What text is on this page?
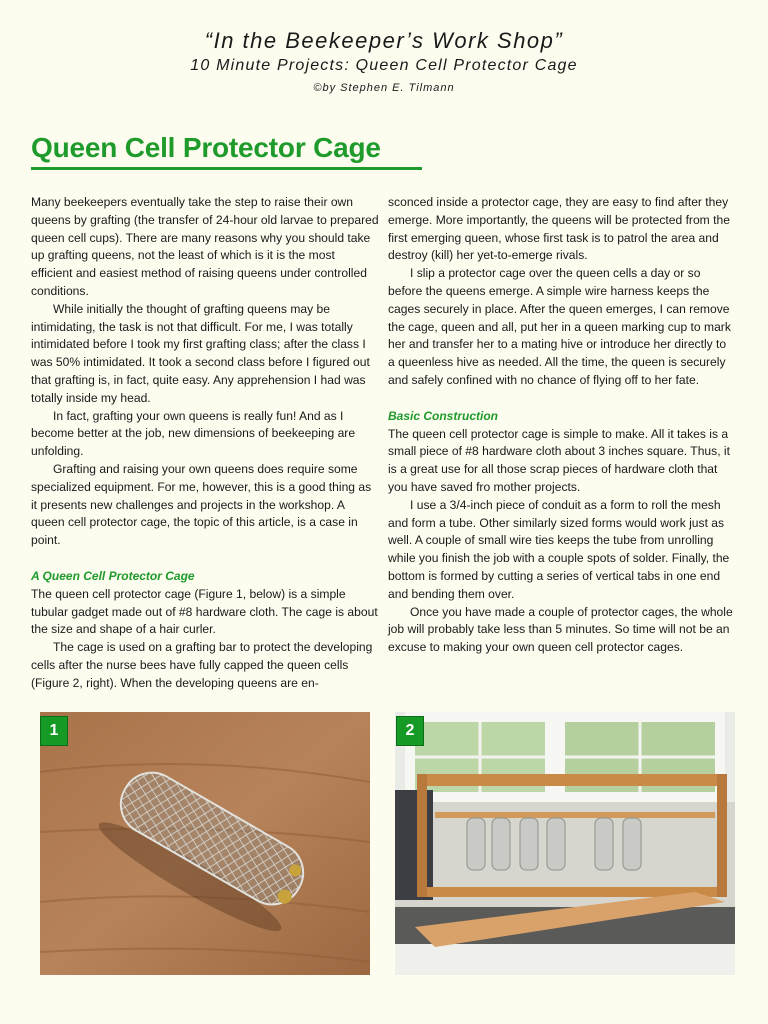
“In the Beekeeper’s Work Shop”
10 Minute Projects: Queen Cell Protector Cage
©by Stephen E. Tilmann
Queen Cell Protector Cage

Many beekeepers eventually take the step to raise their own queens by grafting (the transfer of 24-hour old larvae to prepared queen cell cups). There are many reasons why you should take up grafting queens, not the least of which is it is the most efficient and easiest method of raising queens under controlled conditions.

While initially the thought of grafting queens may be intimidating, the task is not that difficult. For me, I was totally intimidated before I took my first grafting class; after the class I was 50% intimidated. It took a second class before I figured out that grafting is, in fact, quite easy. Any apprehension I had was totally inside my head.

In fact, grafting your own queens is really fun! And as I become better at the job, new dimensions of beekeeping are unfolding.

Grafting and raising your own queens does require some specialized equipment. For me, however, this is a good thing as it presents new challenges and projects in the workshop. A queen cell protector cage, the topic of this article, is a case in point.

A Queen Cell Protector Cage

The queen cell protector cage (Figure 1, below) is a simple tubular gadget made out of #8 hardware cloth. The cage is about the size and shape of a hair curler.

The cage is used on a grafting bar to protect the developing cells after the nurse bees have fully capped the queen cells (Figure 2, right). When the developing queens are en-

sconced inside a protector cage, they are easy to find after they emerge. More importantly, the queens will be protected from the first emerging queen, whose first task is to patrol the area and destroy (kill) her yet-to-emerge rivals.

I slip a protector cage over the queen cells a day or so before the queens emerge. A simple wire harness keeps the cages securely in place. After the queen emerges, I can remove the cage, queen and all, put her in a queen marking cup to mark her and transfer her to a mating hive or introduce her directly to a queenless hive as needed. All the time, the queen is securely and safely confined with no chance of flying off to her fate.

Basic Construction

The queen cell protector cage is simple to make. All it takes is a small piece of #8 hardware cloth about 3 inches square. Thus, it is a great use for all those scrap pieces of hardware cloth that you have saved fro mother projects.

I use a 3/4-inch piece of conduit as a form to roll the mesh and form a tube. Other similarly sized forms would work just as well. A couple of small wire ties keeps the tube from unrolling while you finish the job with a couple spots of solder. Finally, the bottom is formed by cutting a series of vertical tabs in one end and bending them over.

Once you have made a couple of protector cages, the whole job will probably take less than 5 minutes. So time will not be an excuse to making your own queen cell protector cages.

1	2
